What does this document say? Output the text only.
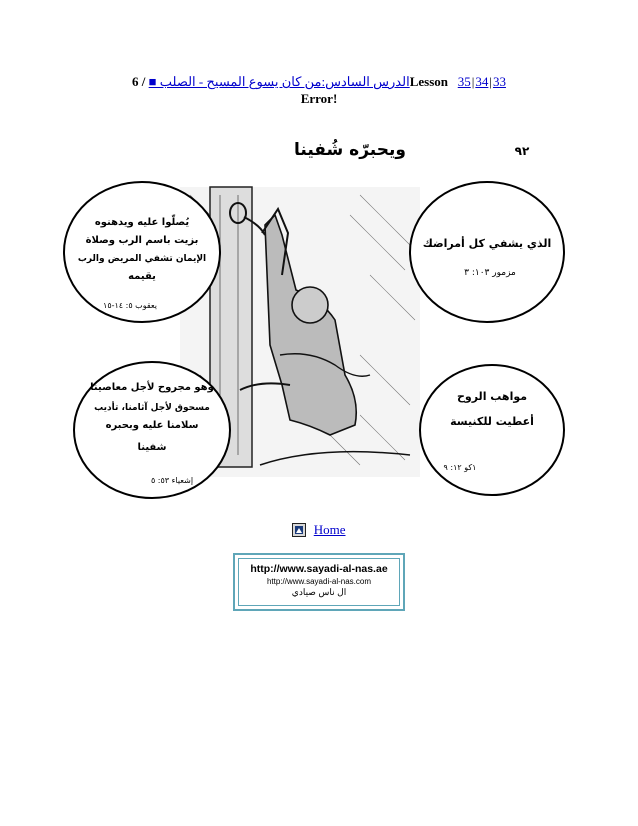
الدرس السادس:من كان يسوع المسيح - الصلب ■ / 6Lesson 35|34|33
Error!
ويحبرّه شُفينا	٩٢
يُصلّوا عليه ويدهنوه
بزيت باسم الرب وصلاة
الإيمان تشفي المريض والرب
يقيمه
يعقوب ٥: ١٤-١٥
الذي يشفي كل أمراضك
مزمور ١٠٣: ٣
وهو مجروح لأجل معاصينا
مسحوق لأجل آثامنا، تأديب
سلامنا عليه وبحبره
شفينا
إشعياء ٥٣: ٥
مواهب الروح
أعطيت للكنيسة
١كو ١٢: ٩
Home
http://www.sayadi-al-nas.ae
http://www.sayadi-al-nas.com
ال ناس صيادي
